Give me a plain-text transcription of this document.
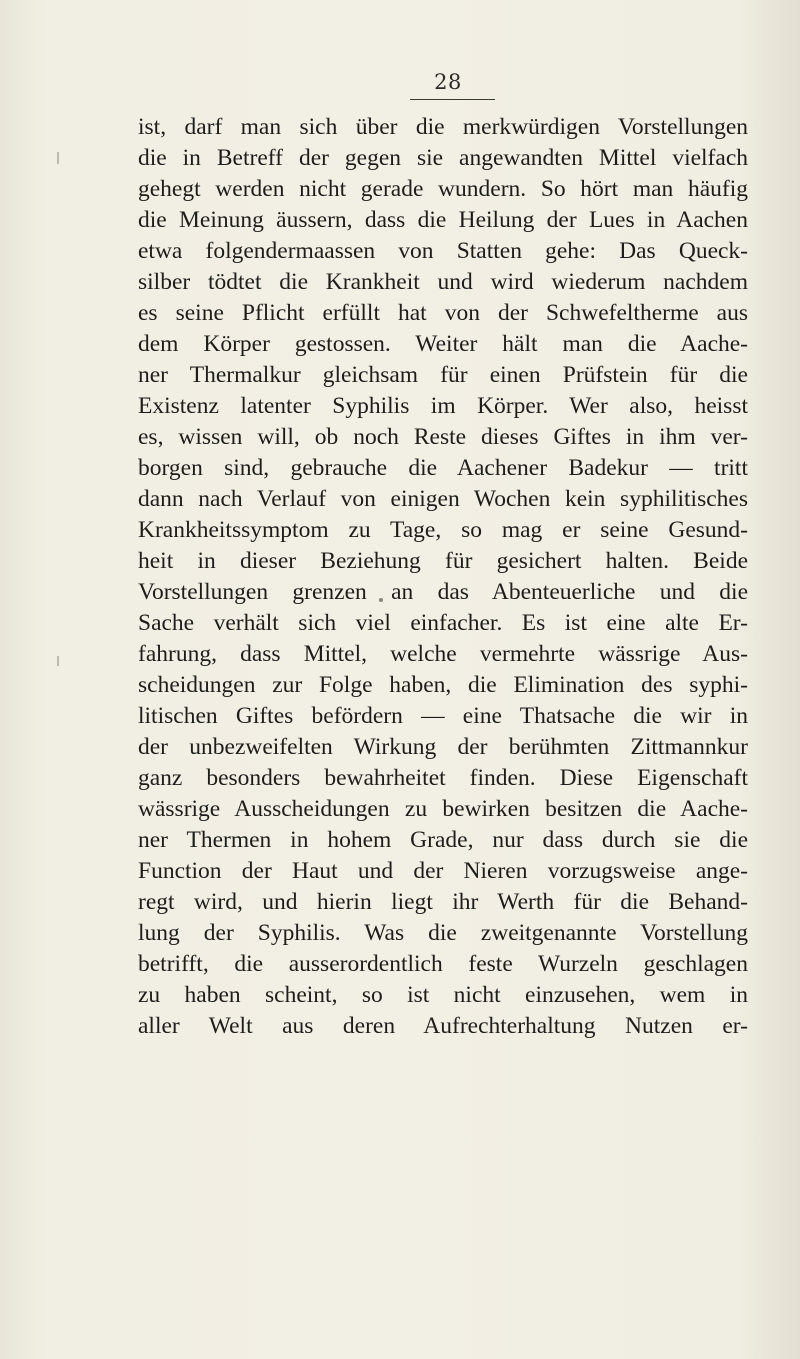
28
ist, darf man sich über die merkwürdigen Vorstellungen
die in Betreff der gegen sie angewandten Mittel vielfach
gehegt werden nicht gerade wundern. So hört man häufig
die Meinung äussern, dass die Heilung der Lues in Aachen
etwa folgendermaassen von Statten gehe: Das Queck-
silber tödtet die Krankheit und wird wiederum nachdem
es seine Pflicht erfüllt hat von der Schwefeltherme aus
dem Körper gestossen. Weiter hält man die Aache-
ner Thermalkur gleichsam für einen Prüfstein für die
Existenz latenter Syphilis im Körper. Wer also, heisst
es, wissen will, ob noch Reste dieses Giftes in ihm ver-
borgen sind, gebrauche die Aachener Badekur — tritt
dann nach Verlauf von einigen Wochen kein syphilitisches
Krankheitssymptom zu Tage, so mag er seine Gesund-
heit in dieser Beziehung für gesichert halten. Beide
Vorstellungen grenzen an das Abenteuerliche und die
Sache verhält sich viel einfacher. Es ist eine alte Er-
fahrung, dass Mittel, welche vermehrte wässrige Aus-
scheidungen zur Folge haben, die Elimination des syphi-
litischen Giftes befördern — eine Thatsache die wir in
der unbezweifelten Wirkung der berühmten Zittmannkur
ganz besonders bewahrheitet finden. Diese Eigenschaft
wässrige Ausscheidungen zu bewirken besitzen die Aache-
ner Thermen in hohem Grade, nur dass durch sie die
Function der Haut und der Nieren vorzugsweise ange-
regt wird, und hierin liegt ihr Werth für die Behand-
lung der Syphilis. Was die zweitgenannte Vorstellung
betrifft, die ausserordentlich feste Wurzeln geschlagen
zu haben scheint, so ist nicht einzusehen, wem in
aller Welt aus deren Aufrechterhaltung Nutzen er-
